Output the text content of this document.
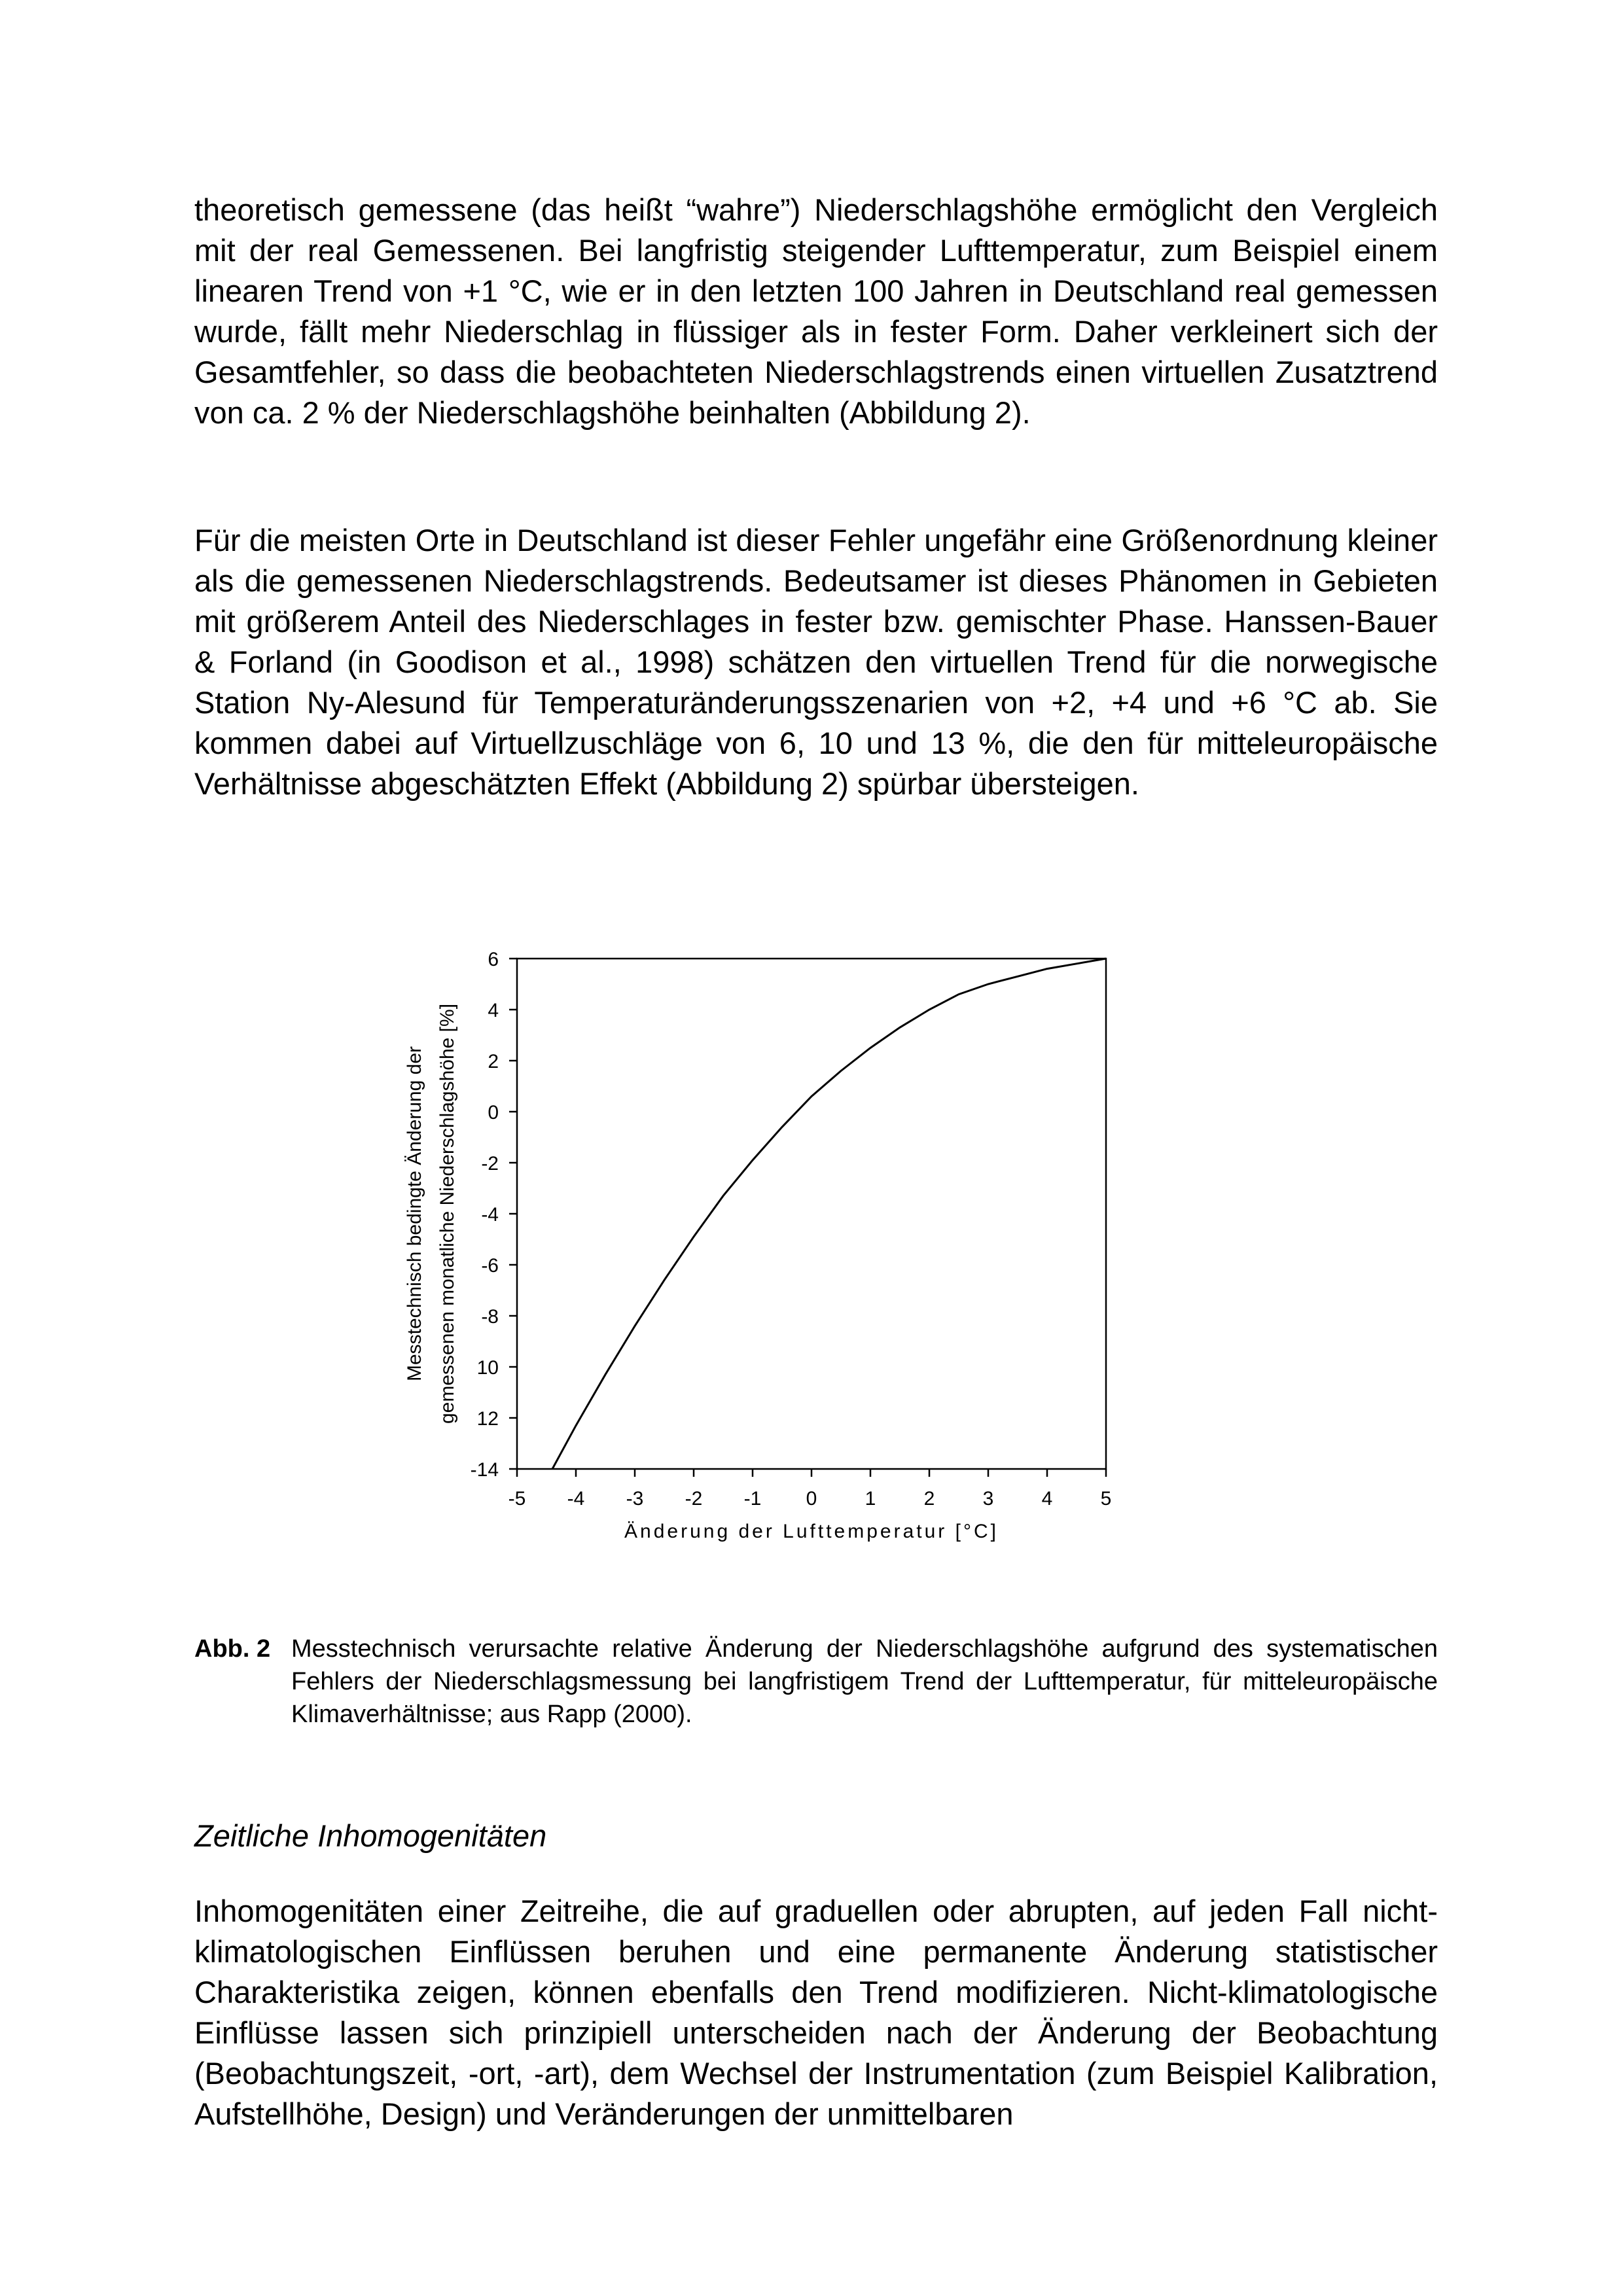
theoretisch gemessene (das heißt “wahre”) Niederschlagshöhe ermöglicht den Vergleich mit der real Gemessenen. Bei langfristig steigender Lufttemperatur, zum Beispiel einem linearen Trend von +1 °C, wie er in den letzten 100 Jahren in Deutschland real gemessen wurde, fällt mehr Niederschlag in flüssiger als in fester Form. Daher verkleinert sich der Gesamtfehler, so dass die beobachteten Niederschlagstrends einen virtuellen Zusatztrend von ca. 2 % der Niederschlagshöhe beinhalten (Abbildung 2).

Für die meisten Orte in Deutschland ist dieser Fehler ungefähr eine Größenordnung kleiner als die gemessenen Niederschlagstrends. Bedeutsamer ist dieses Phänomen in Gebieten mit größerem Anteil des Niederschlages in fester bzw. gemischter Phase. Hanssen-Bauer & Forland (in Goodison et al., 1998) schätzen den virtuellen Trend für die norwegische Station Ny-Alesund für Temperaturänderungsszenarien von +2, +4 und +6 °C ab. Sie kommen dabei auf Virtuellzuschläge von 6, 10 und 13 %, die den für mitteleuropäische Verhältnisse abgeschätzten Effekt (Abbildung 2) spürbar übersteigen.

-5 -4 -3 -2 -1 0 1 2 3 4 5
6
4
2
0
-2
-4
-6
-8
10
12
-14
Änderung der Lufttemperatur [°C]
Messtechnisch bedingte Änderung der gemessenen monatliche Niederschlagshöhe [%]
Abb. 2 Messtechnisch verursachte relative Änderung der Niederschlagshöhe aufgrund des systematischen Fehlers der Niederschlagsmessung bei langfristigem Trend der Lufttemperatur, für mitteleuropäische Klimaverhältnisse; aus Rapp (2000).
Zeitliche Inhomogenitäten

Inhomogenitäten einer Zeitreihe, die auf graduellen oder abrupten, auf jeden Fall nicht-klimatologischen Einflüssen beruhen und eine permanente Änderung statistischer Charakteristika zeigen, können ebenfalls den Trend modifizieren. Nicht-klimatologische Einflüsse lassen sich prinzipiell unterscheiden nach der Änderung der Beobachtung (Beobachtungszeit, -ort, -art), dem Wechsel der Instrumentation (zum Beispiel Kalibration, Aufstellhöhe, Design) und Veränderungen der unmittelbaren
